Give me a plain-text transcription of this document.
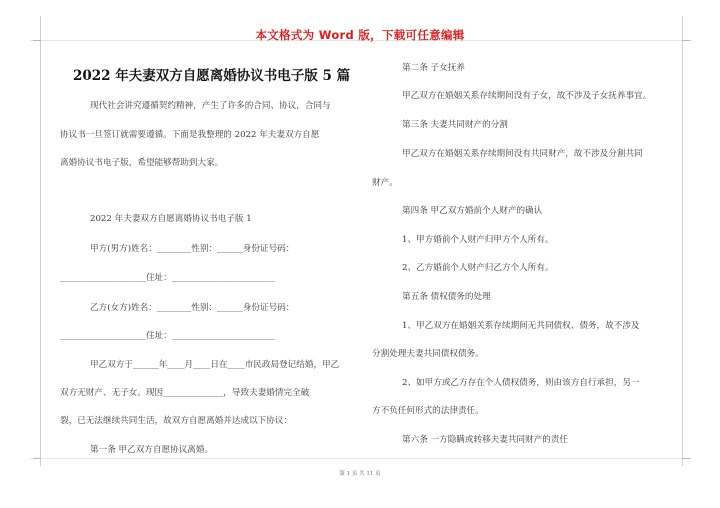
本文格式为 Word 版，下载可任意编辑
2022 年夫妻双方自愿离婚协议书电子版 5 篇
现代社会讲究遵循契约精神，产生了许多的合同、协议，合同与
协议书一旦签订就需要遵循。下面是我整理的 2022 年夫妻双方自愿
离婚协议书电子版，希望能够帮助到大家。
2022 年夫妻双方自愿离婚协议书电子版 1
甲方(男方)姓名：________性别：______身份证号码：
____________________住址：________________________
乙方(女方)姓名：________性别：______身份证号码：
____________________住址：________________________
甲乙双方于______年____月____日在____市民政局登记结婚，甲乙
双方无财产、无子女。现因______________，导致夫妻婚情完全破
裂，已无法继续共同生活，故双方自愿离婚并达成以下协议：
第一条 甲乙双方自愿协议离婚。
第二条 子女抚养
甲乙双方在婚姻关系存续期间没有子女，故不涉及子女抚养事宜。
第三条 夫妻共同财产的分割
甲乙双方在婚姻关系存续期间没有共同财产，故不涉及分割共同
财产。
第四条 甲乙双方婚前个人财产的确认
1、甲方婚前个人财产归甲方个人所有。
2、乙方婚前个人财产归乙方个人所有。
第五条 债权债务的处理
1、甲乙双方在婚姻关系存续期间无共同债权、债务，故不涉及
分割处理夫妻共同债权债务。
2、如甲方或乙方存在个人债权债务，则由该方自行承担，另一
方不负任何形式的法律责任。
第六条 一方隐瞒或转移夫妻共同财产的责任
第 1 页 共 11 页
